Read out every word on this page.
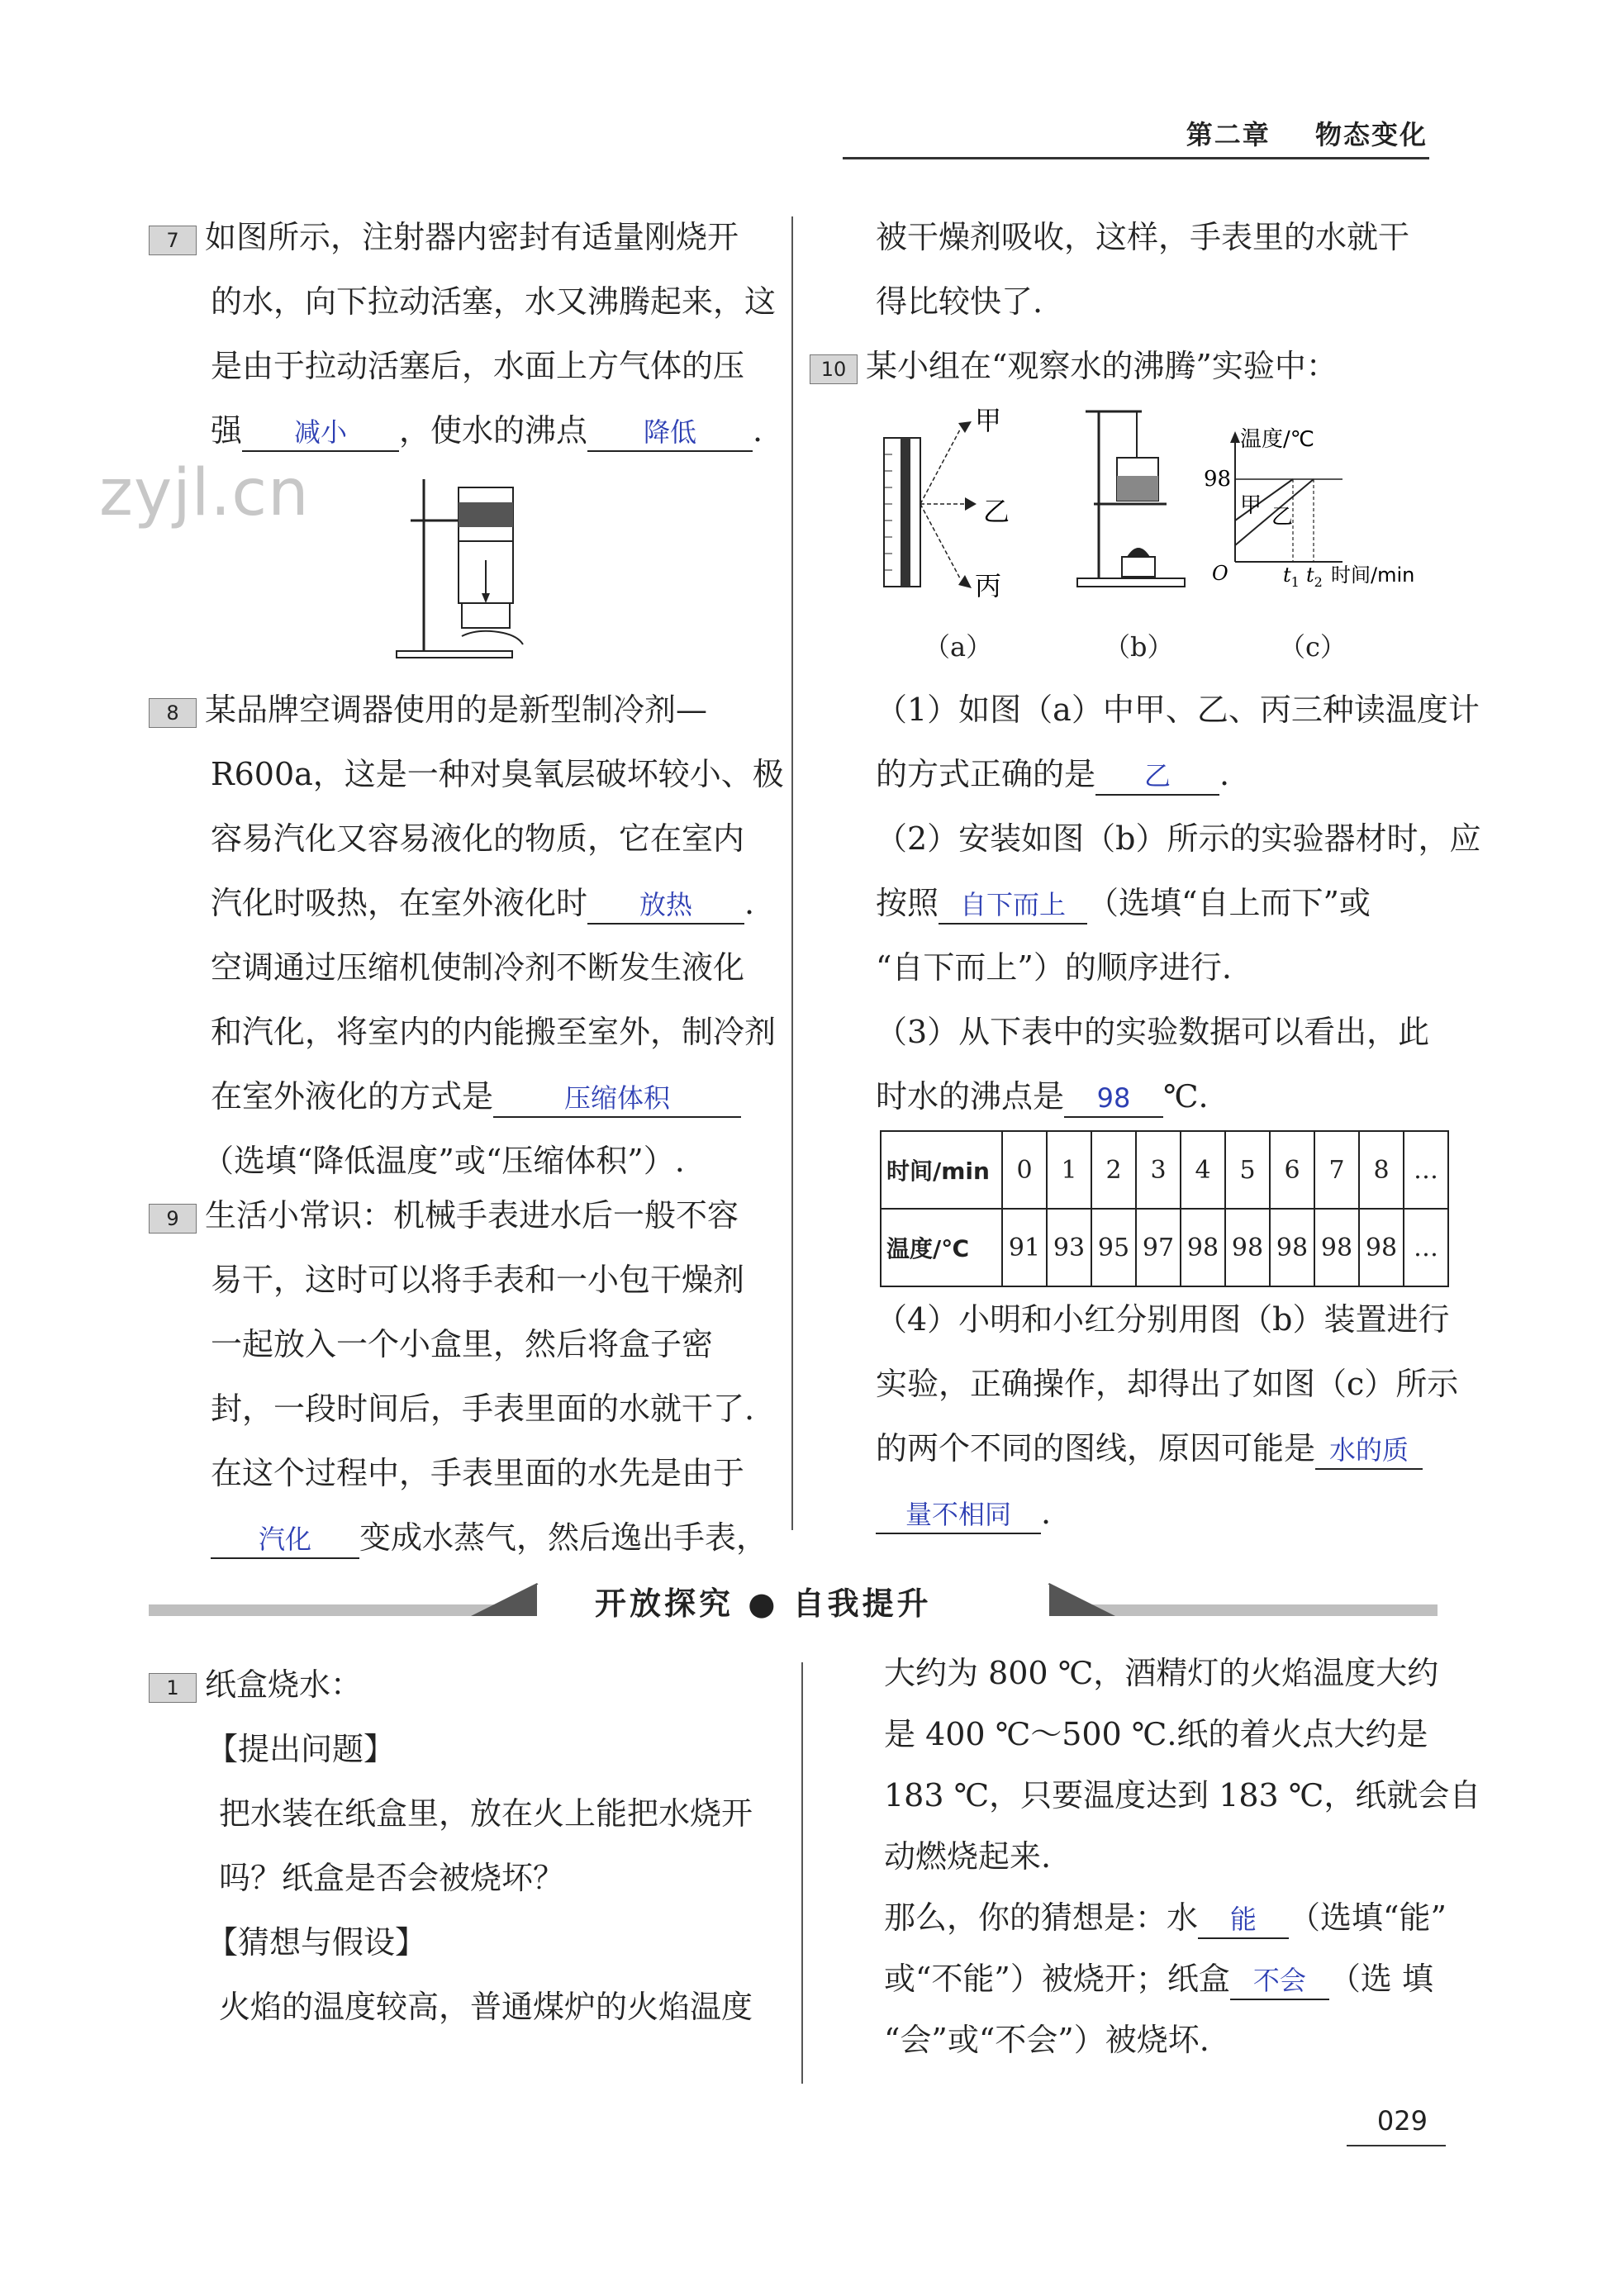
第二章 物态变化
zyjl.cn
7 如图所示，注射器内密封有适量刚烧开
的水，向下拉动活塞，水又沸腾起来，这
是由于拉动活塞后，水面上方气体的压
强 减小 ，使水的沸点 降低 .
8 某品牌空调器使用的是新型制冷剂—
R600a，这是一种对臭氧层破坏较小、极
容易汽化又容易液化的物质，它在室内
汽化时吸热，在室外液化时 放热 .
空调通过压缩机使制冷剂不断发生液化
和汽化，将室内的内能搬至室外，制冷剂
在室外液化的方式是	压缩体积
（选填“降低温度”或“压缩体积”）.
9 生活小常识：机械手表进水后一般不容
易干，这时可以将手表和一小包干燥剂
一起放入一个小盒里，然后将盒子密
封，一段时间后，手表里面的水就干了.
在这个过程中，手表里面的水先是由于
汽化 变成水蒸气，然后逸出手表，
被干燥剂吸收，这样，手表里的水就干
得比较快了.
10 某小组在“观察水的沸腾”实验中：
甲
乙
丙
温度/℃
98
甲 乙
O	$t_1$ $t_2$ 时间/min
（a）	（b）	（c）
（1）如图（a）中甲、乙、丙三种读温度计
的方式正确的是 乙 .
（2）安装如图（b）所示的实验器材时，应
按照 自下而上 （选填“自上而下”或
“自下而上”）的顺序进行.
（3）从下表中的实验数据可以看出，此
时水的沸点是 98 ℃.
时间/min	0	1	2	3	4	5	6	7	8	…
温度/℃	91	93	95	97	98	98	98	98	98	…
（4）小明和小红分别用图（b）装置进行
实验，正确操作，却得出了如图（c）所示
的两个不同的图线，原因可能是 水的质
量不相同 .
开放探究 ● 自我提升
1 纸盒烧水：
【提出问题】
把水装在纸盒里，放在火上能把水烧开
吗？纸盒是否会被烧坏？
【猜想与假设】
火焰的温度较高，普通煤炉的火焰温度
大约为 800 ℃，酒精灯的火焰温度大约
是 400 ℃～500 ℃.纸的着火点大约是
183 ℃，只要温度达到 183 ℃，纸就会自
动燃烧起来.
那么，你的猜想是：水 能 （选填“能”
或“不能”）被烧开；纸盒 不会 （选 填
“会”或“不会”）被烧坏.
029
